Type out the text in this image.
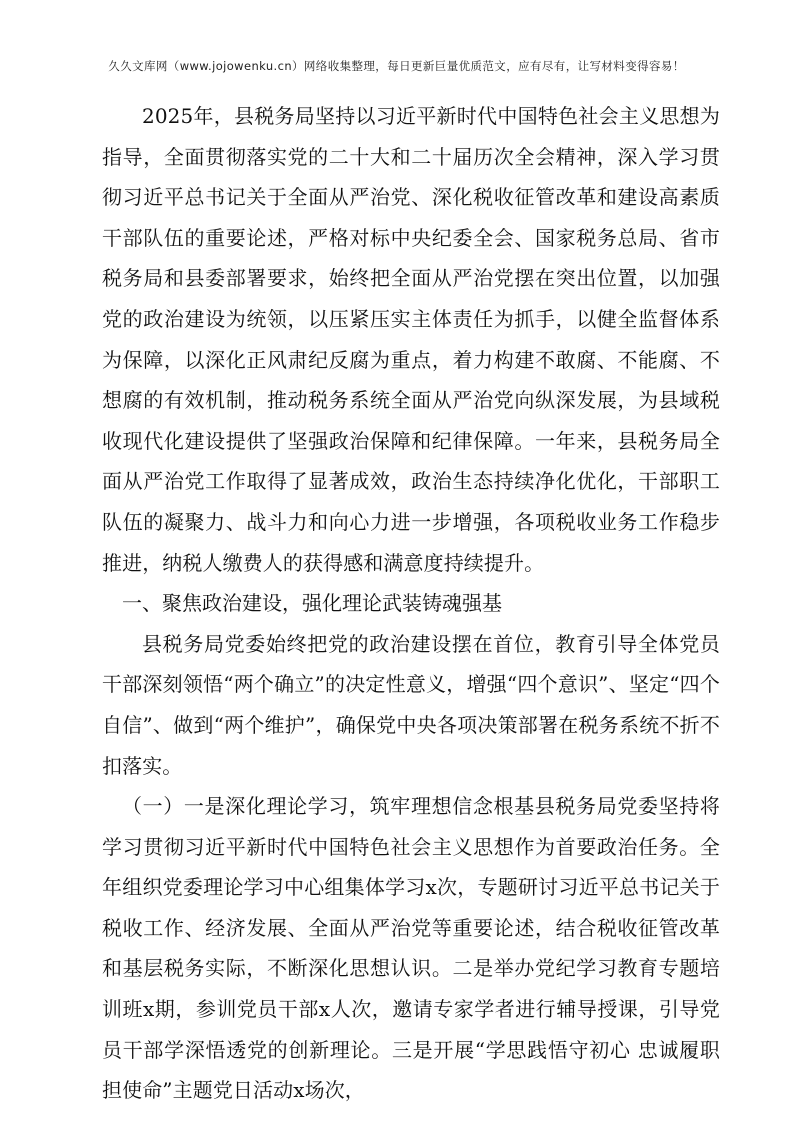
久久文库网（www.jojowenku.cn）网络收集整理，每日更新巨量优质范文，应有尽有，让写材料变得容易！

2025年，县税务局坚持以习近平新时代中国特色社会主义思想为指导，全面贯彻落实党的二十大和二十届历次全会精神，深入学习贯彻习近平总书记关于全面从严治党、深化税收征管改革和建设高素质干部队伍的重要论述，严格对标中央纪委全会、国家税务总局、省市税务局和县委部署要求，始终把全面从严治党摆在突出位置，以加强党的政治建设为统领，以压紧压实主体责任为抓手，以健全监督体系为保障，以深化正风肃纪反腐为重点，着力构建不敢腐、不能腐、不想腐的有效机制，推动税务系统全面从严治党向纵深发展，为县域税收现代化建设提供了坚强政治保障和纪律保障。一年来，县税务局全面从严治党工作取得了显著成效，政治生态持续净化优化，干部职工队伍的凝聚力、战斗力和向心力进一步增强，各项税收业务工作稳步推进，纳税人缴费人的获得感和满意度持续提升。

一、聚焦政治建设，强化理论武装铸魂强基

县税务局党委始终把党的政治建设摆在首位，教育引导全体党员干部深刻领悟“两个确立”的决定性意义，增强“四个意识”、坚定“四个自信”、做到“两个维护”，确保党中央各项决策部署在税务系统不折不扣落实。

（一）一是深化理论学习，筑牢理想信念根基县税务局党委坚持将学习贯彻习近平新时代中国特色社会主义思想作为首要政治任务。全年组织党委理论学习中心组集体学习x次，专题研讨习近平总书记关于税收工作、经济发展、全面从严治党等重要论述，结合税收征管改革和基层税务实际，不断深化思想认识。二是举办党纪学习教育专题培训班x期，参训党员干部x人次，邀请专家学者进行辅导授课，引导党员干部学深悟透党的创新理论。三是开展“学思践悟守初心 忠诚履职担使命”主题党日活动x场次，
